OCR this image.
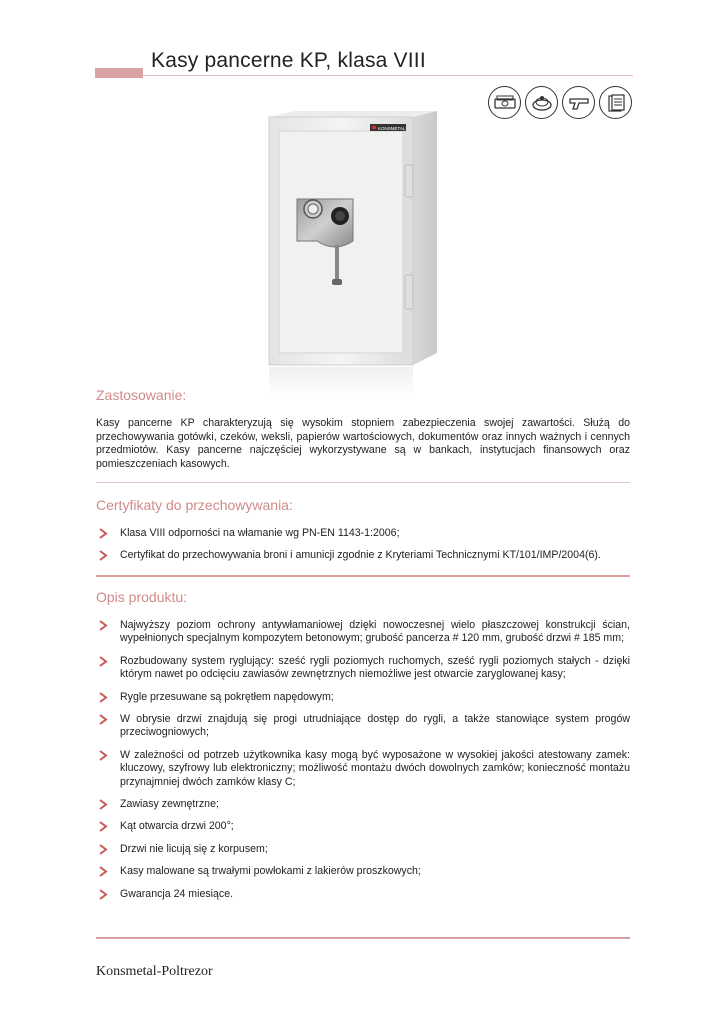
Kasy pancerne KP, klasa VIII
KONSMETAL
Zastosowanie:
Kasy pancerne KP charakteryzują się wysokim stopniem zabezpieczenia swojej zawartości. Służą do przechowywania gotówki, czeków, weksli, papierów wartościowych, dokumentów oraz innych ważnych i cennych przedmiotów. Kasy pancerne najczęściej wykorzystywane są w bankach, instytucjach finansowych oraz pomieszczeniach kasowych.
Certyfikaty do przechowywania:
Klasa VIII odporności na włamanie wg PN-EN 1143-1:2006;
Certyfikat do przechowywania broni i amunicji zgodnie z Kryteriami Technicznymi KT/101/IMP/2004(6).
Opis produktu:
Najwyższy poziom ochrony antywłamaniowej dzięki nowoczesnej wielo płaszczowej konstrukcji ścian, wypełnionych specjalnym kompozytem betonowym; grubość pancerza # 120 mm, grubość drzwi # 185 mm;
Rozbudowany system ryglujący: sześć rygli poziomych ruchomych, sześć rygli poziomych stałych - dzięki którym nawet po odcięciu zawiasów zewnętrznych niemożliwe jest otwarcie zaryglowanej kasy;
Rygle przesuwane są pokrętłem napędowym;
W obrysie drzwi znajdują się progi utrudniające dostęp do rygli, a także stanowiące system progów przeciwogniowych;
W zależności od potrzeb użytkownika kasy mogą być wyposażone w wysokiej jakości atestowany zamek: kluczowy, szyfrowy lub elektroniczny; możliwość montażu dwóch dowolnych zamków; konieczność montażu przynajmniej dwóch zamków klasy C;
Zawiasy zewnętrzne;
Kąt otwarcia drzwi 200°;
Drzwi nie licują się z korpusem;
Kasy malowane są trwałymi powłokami z lakierów proszkowych;
Gwarancja 24 miesiące.
Konsmetal-Poltrezor
